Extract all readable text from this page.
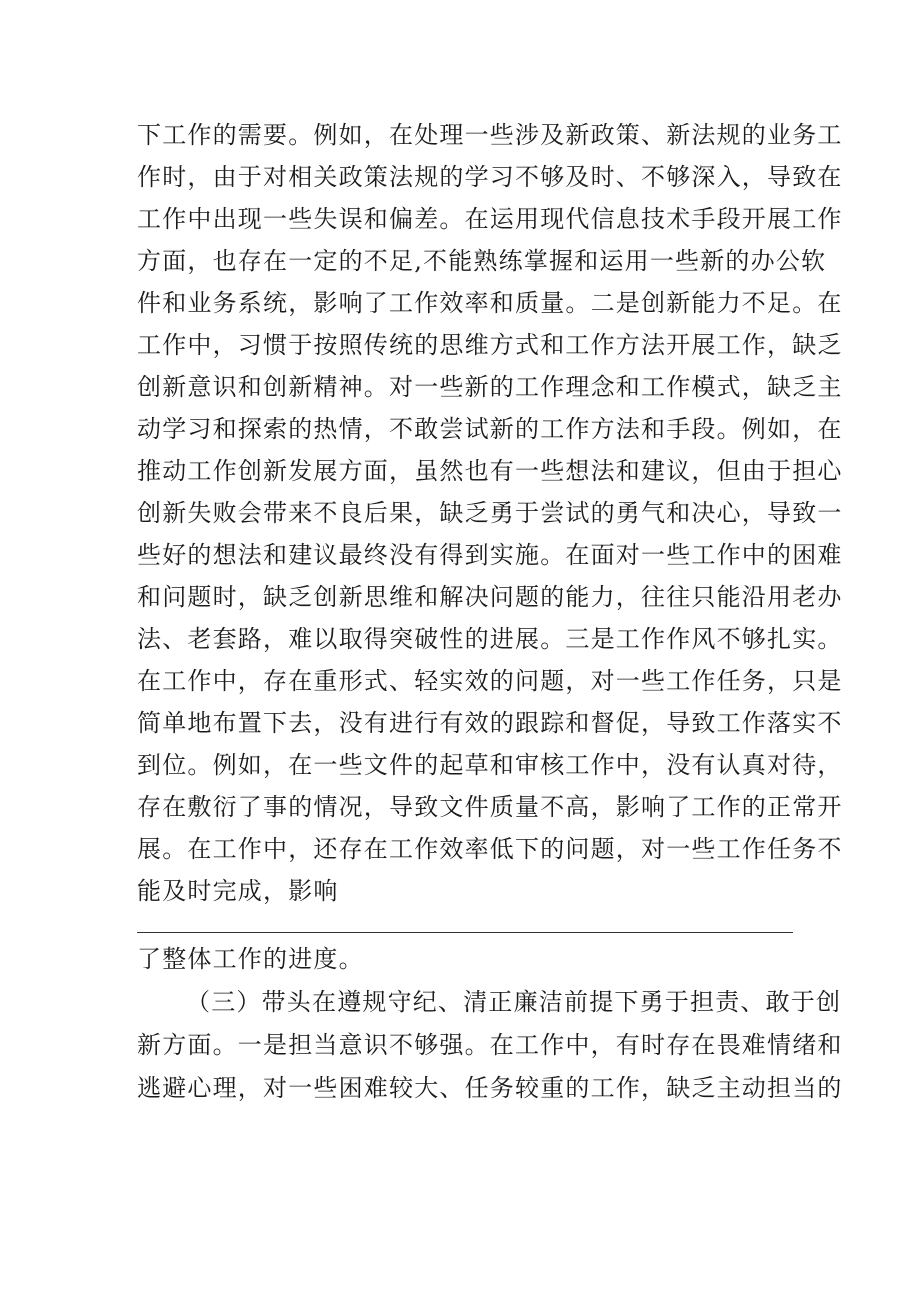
下工作的需要。例如，在处理一些涉及新政策、新法规的业务工
作时，由于对相关政策法规的学习不够及时、不够深入，导致在
工作中出现一些失误和偏差。在运用现代信息技术手段开展工作
方面，也存在一定的不足,不能熟练掌握和运用一些新的办公软
件和业务系统，影响了工作效率和质量。二是创新能力不足。在
工作中，习惯于按照传统的思维方式和工作方法开展工作，缺乏
创新意识和创新精神。对一些新的工作理念和工作模式，缺乏主
动学习和探索的热情，不敢尝试新的工作方法和手段。例如，在
推动工作创新发展方面，虽然也有一些想法和建议，但由于担心
创新失败会带来不良后果，缺乏勇于尝试的勇气和决心，导致一
些好的想法和建议最终没有得到实施。在面对一些工作中的困难
和问题时，缺乏创新思维和解决问题的能力，往往只能沿用老办
法、老套路，难以取得突破性的进展。三是工作作风不够扎实。
在工作中，存在重形式、轻实效的问题，对一些工作任务，只是
简单地布置下去，没有进行有效的跟踪和督促，导致工作落实不
到位。例如，在一些文件的起草和审核工作中，没有认真对待，
存在敷衍了事的情况，导致文件质量不高，影响了工作的正常开
展。在工作中，还存在工作效率低下的问题，对一些工作任务不
能及时完成，影响
了整体工作的进度。
（三）带头在遵规守纪、清正廉洁前提下勇于担责、敢于创
新方面。一是担当意识不够强。在工作中，有时存在畏难情绪和
逃避心理，对一些困难较大、任务较重的工作，缺乏主动担当的
